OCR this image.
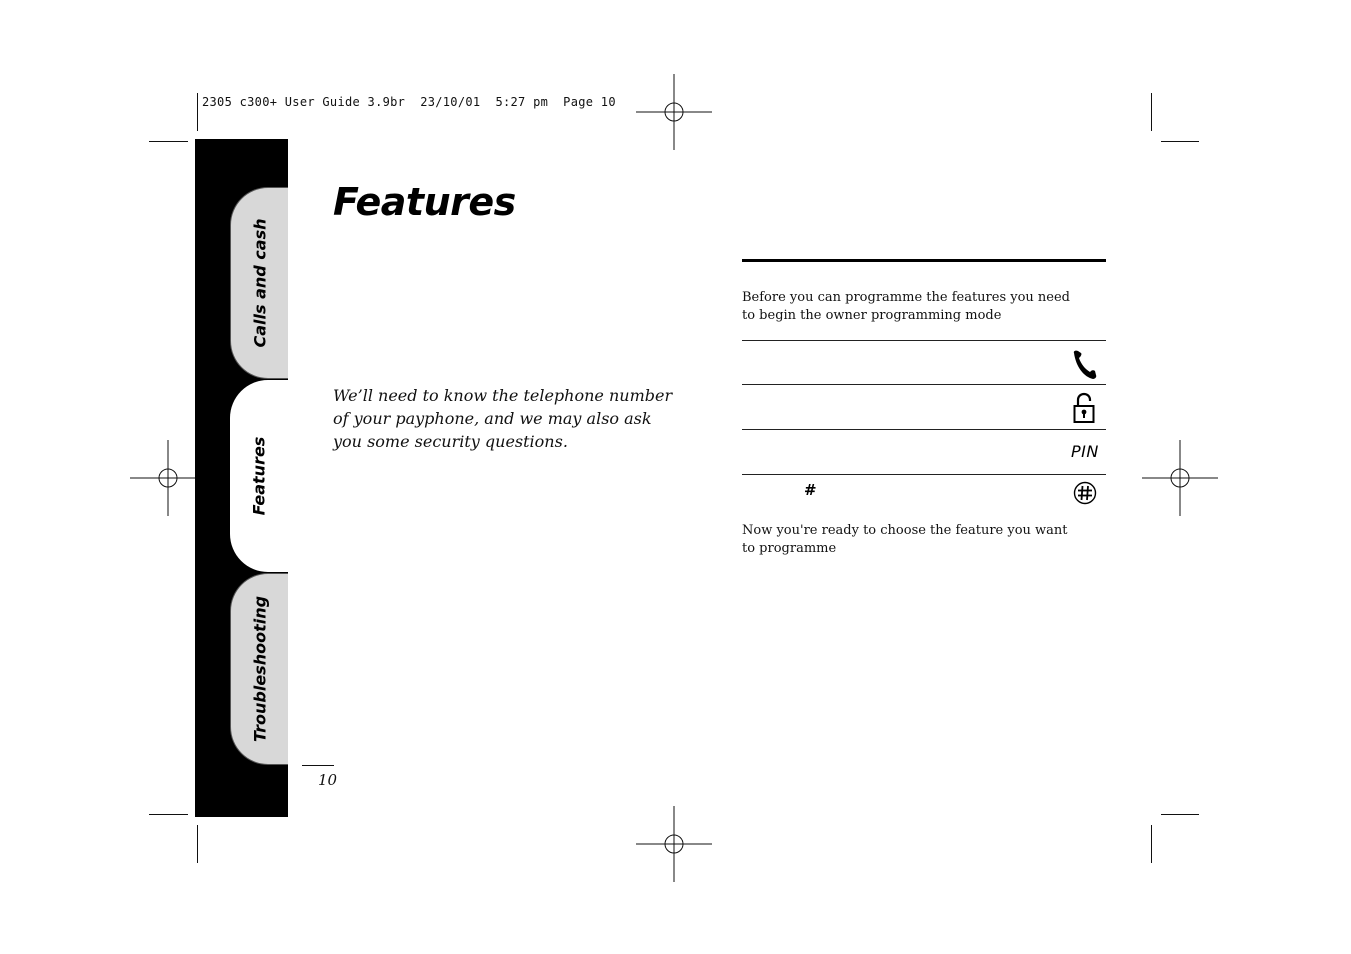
2305 c300+ User Guide 3.9br  23/10/01  5:27 pm  Page 10
Calls and cash
Features
Troubleshooting
Features
We’ll need to know the telephone number of your payphone, and we may also ask you some security questions.
Before you can programme the features you need to begin the owner programming mode
PIN
#
Now you're ready to choose the feature you want to programme
10
